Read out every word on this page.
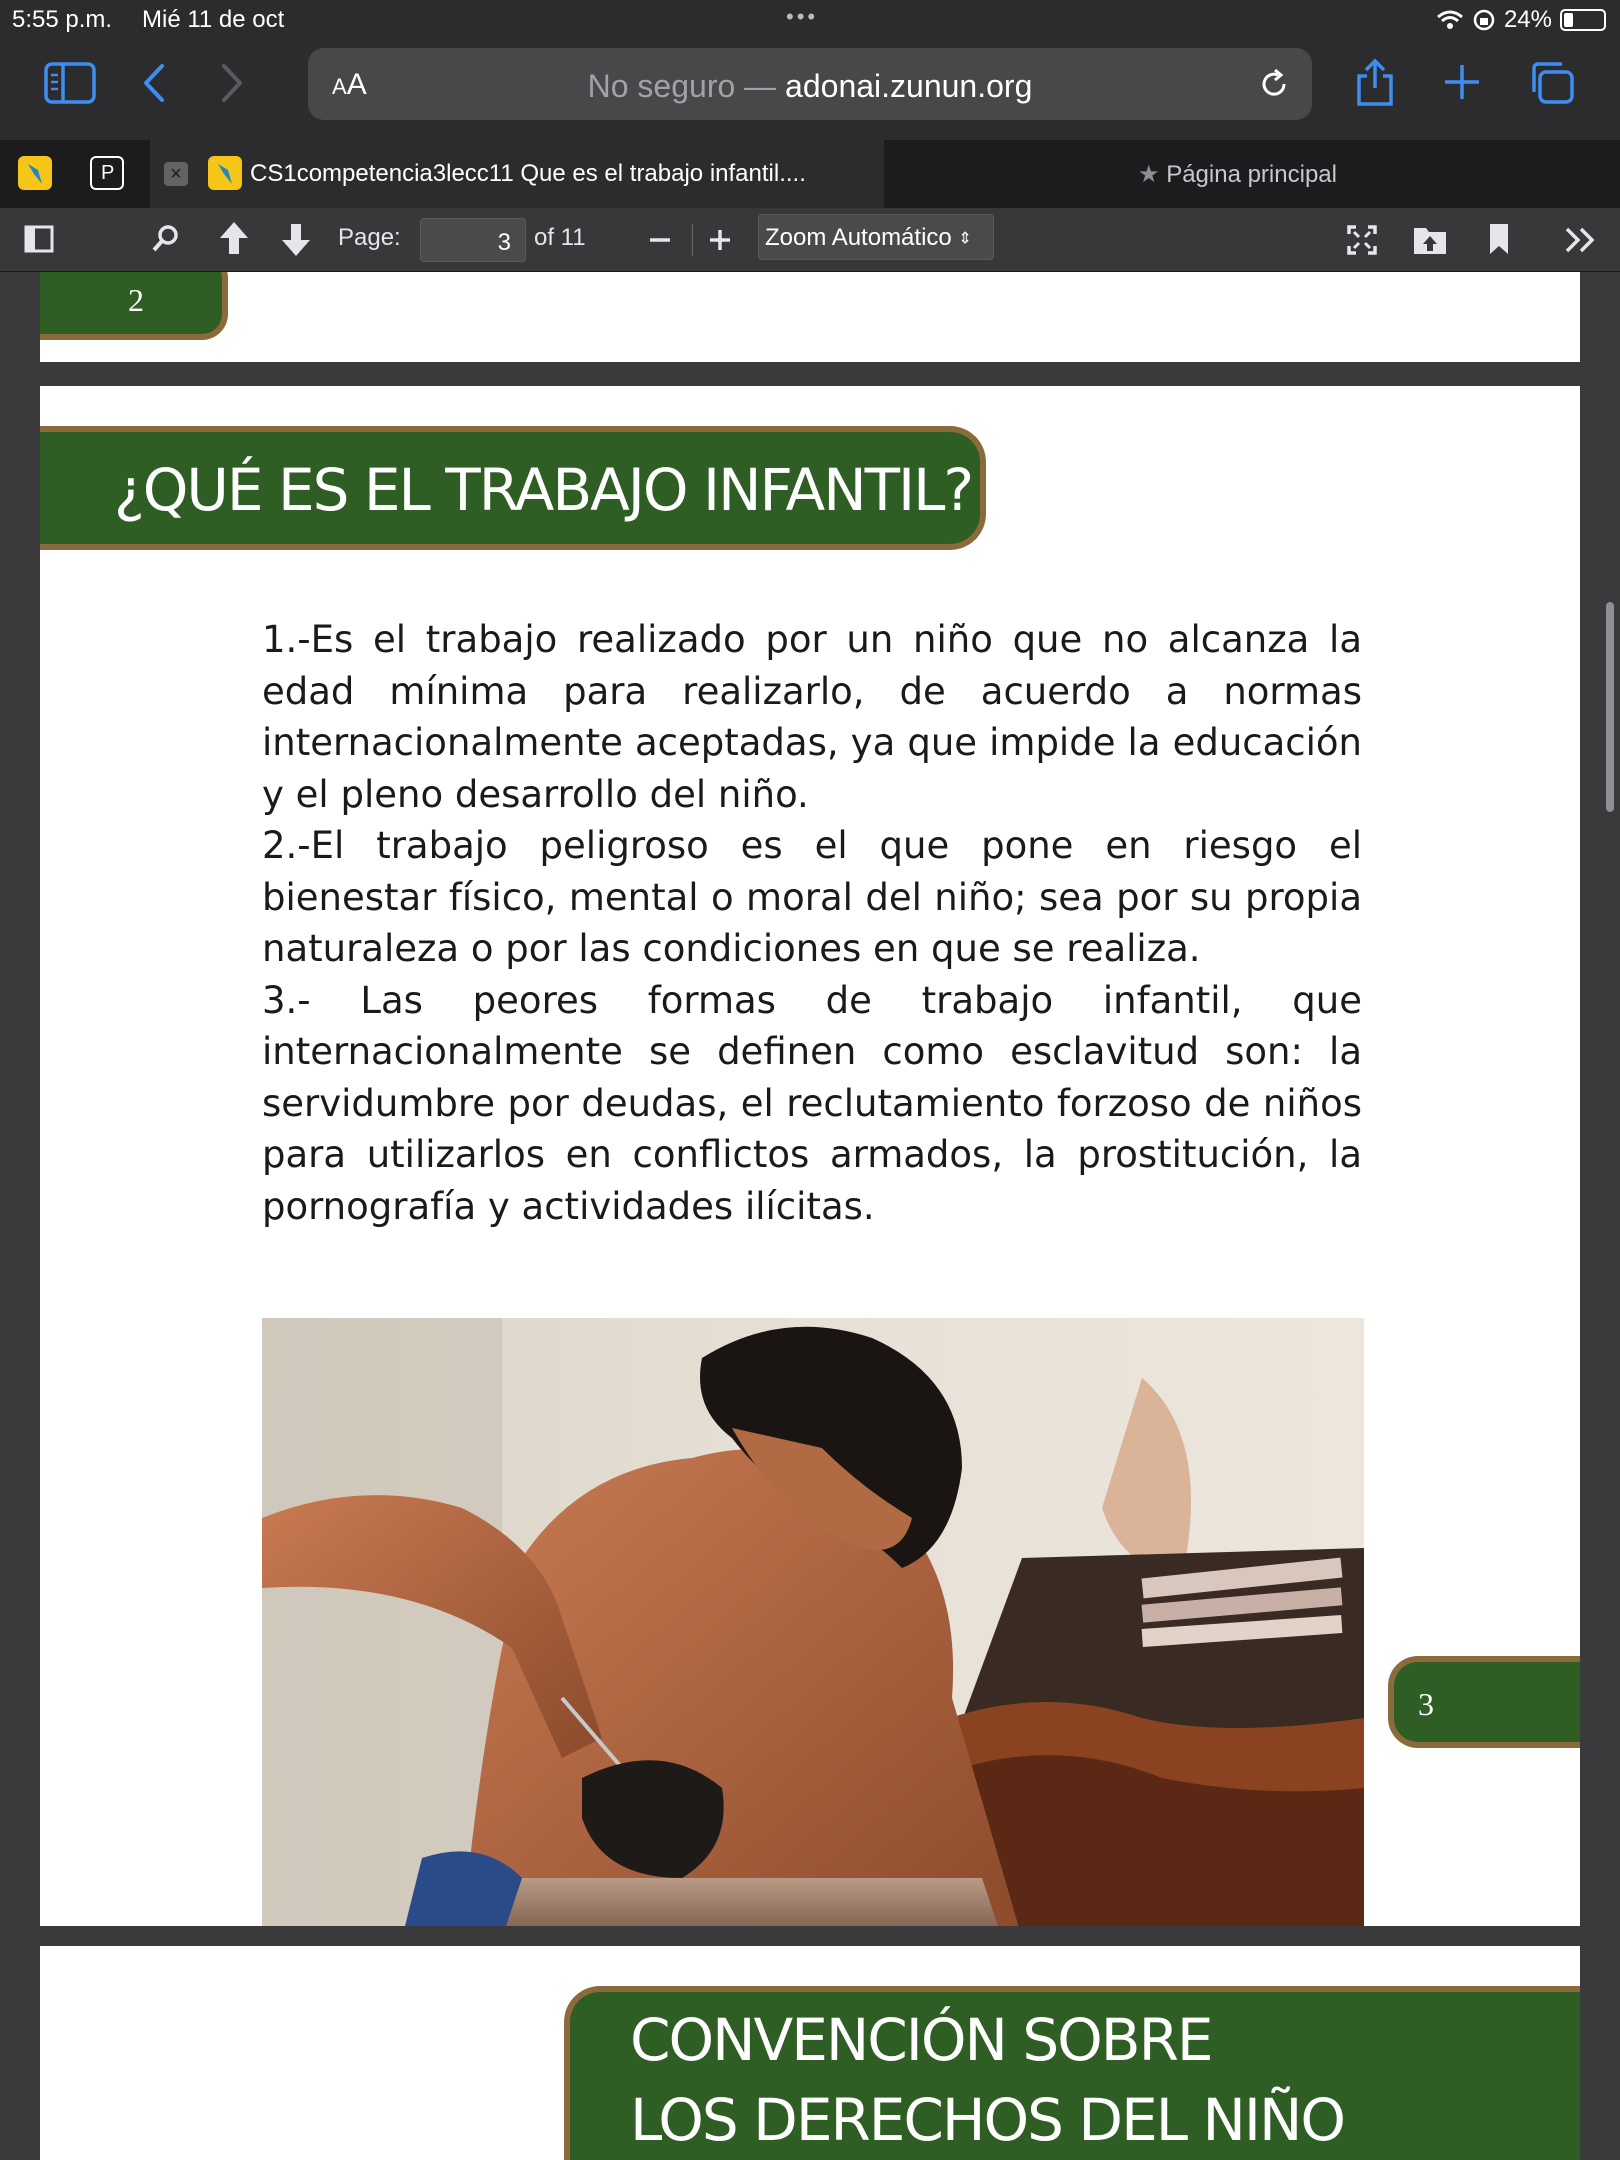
5:55 p.m. Mié 11 de oct	•••	24%
AA	No seguro — adonai.zunun.org
P	×	CS1competencia3lecc11 Que es el trabajo infantil....	★ Página principal
Page:	3 of 11	Zoom Automático ⇕
2
¿QUÉ ES EL TRABAJO INFANTIL?

1.-Es el trabajo realizado por un niño que no alcanza la edad mínima para realizarlo, de acuerdo a normas internacionalmente aceptadas, ya que impide la educación y el pleno desarrollo del niño.

2.-El trabajo peligroso es el que pone en riesgo el bienestar físico, mental o moral del niño; sea por su propia naturaleza o por las condiciones en que se realiza.

3.- Las peores formas de trabajo infantil, que internacionalmente se definen como esclavitud son: la servidumbre por deudas, el reclutamiento forzoso de niños para utilizarlos en conflictos armados, la prostitución, la pornografía y actividades ilícitas.

3
CONVENCIÓN SOBRE
LOS DERECHOS DEL NIÑO
